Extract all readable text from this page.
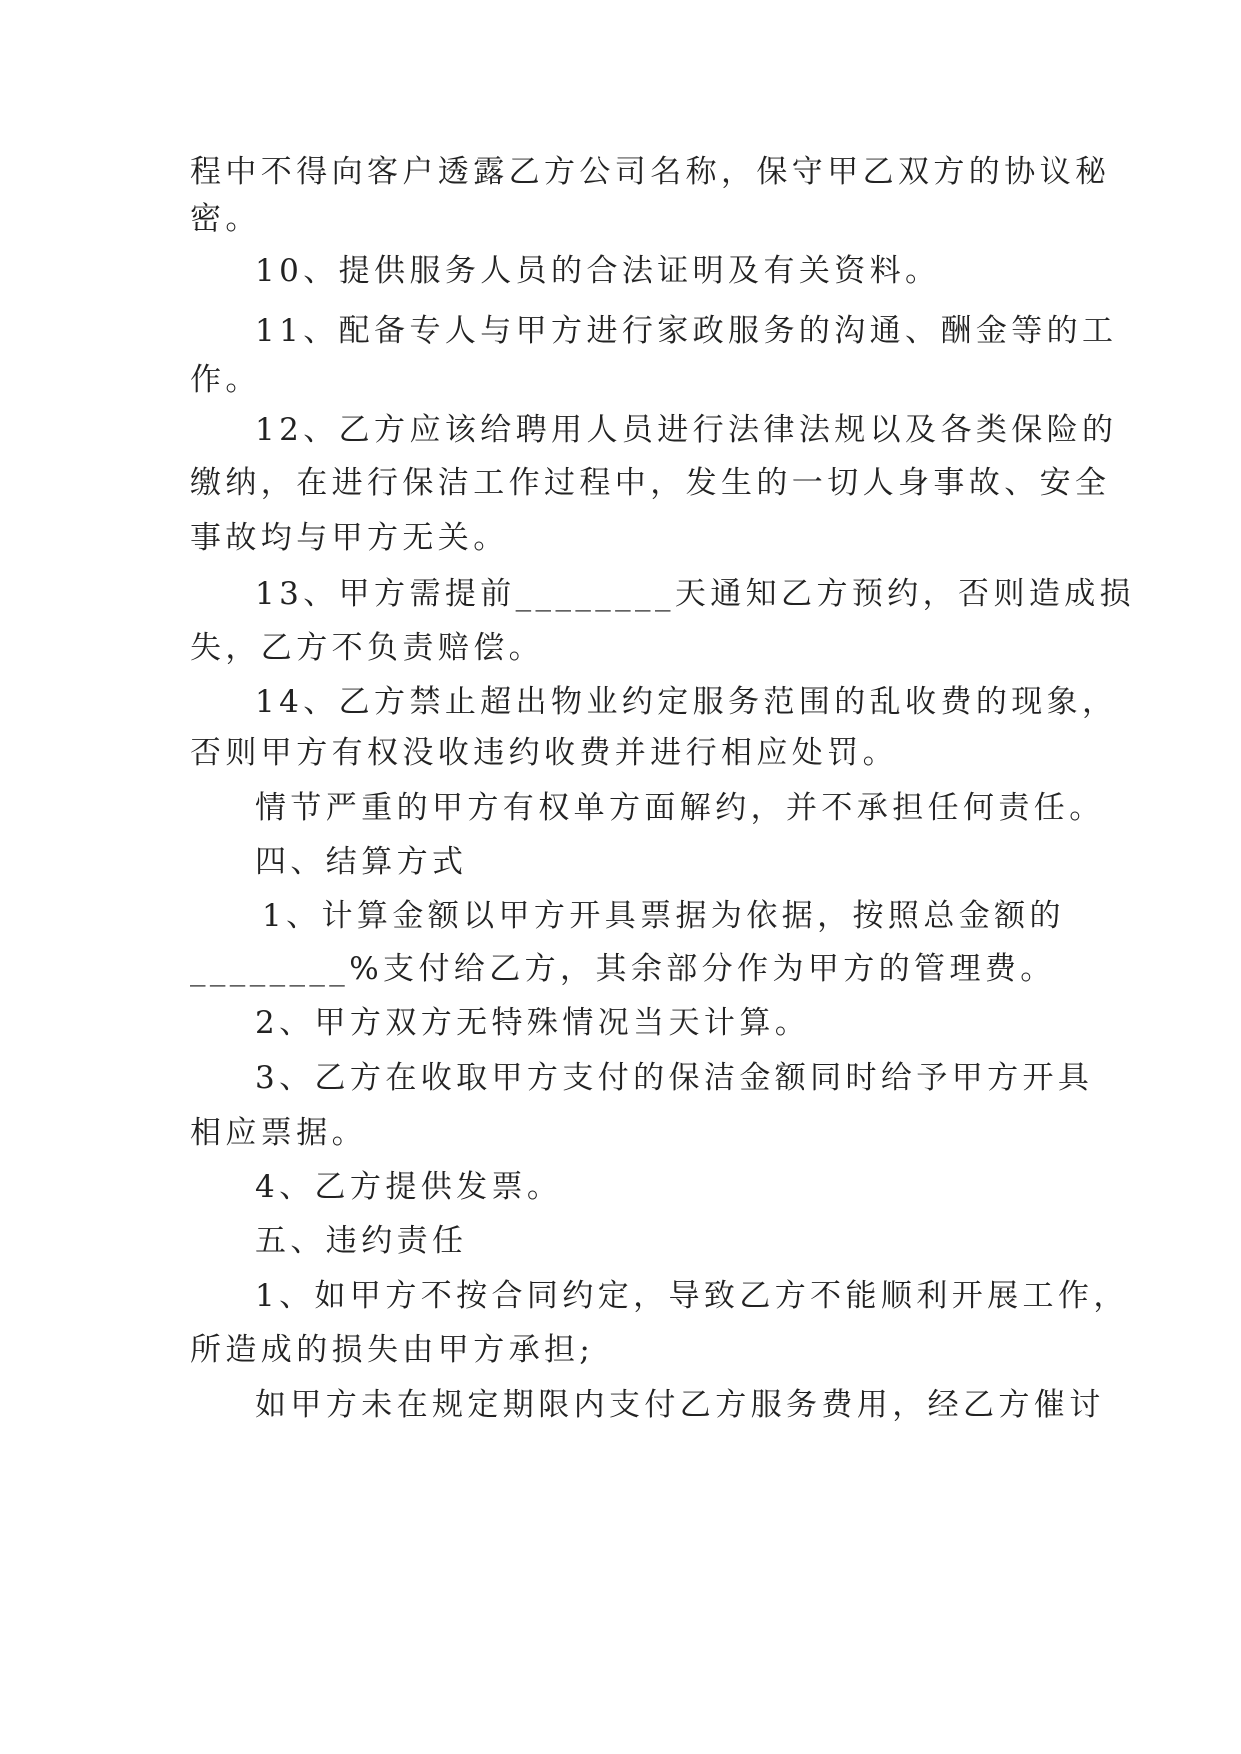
程中不得向客户透露乙方公司名称，保守甲乙双方的协议秘
密。
10、提供服务人员的合法证明及有关资料。
11、配备专人与甲方进行家政服务的沟通、酬金等的工
作。
12、乙方应该给聘用人员进行法律法规以及各类保险的
缴纳，在进行保洁工作过程中，发生的一切人身事故、安全
事故均与甲方无关。
13、甲方需提前________天通知乙方预约，否则造成损
失，乙方不负责赔偿。
14、乙方禁止超出物业约定服务范围的乱收费的现象，
否则甲方有权没收违约收费并进行相应处罚。
情节严重的甲方有权单方面解约，并不承担任何责任。
四、结算方式
1、计算金额以甲方开具票据为依据，按照总金额的
________%支付给乙方，其余部分作为甲方的管理费。
2、甲方双方无特殊情况当天计算。
3、乙方在收取甲方支付的保洁金额同时给予甲方开具
相应票据。
4、乙方提供发票。
五、违约责任
1、如甲方不按合同约定，导致乙方不能顺利开展工作，
所造成的损失由甲方承担;
如甲方未在规定期限内支付乙方服务费用，经乙方催讨
